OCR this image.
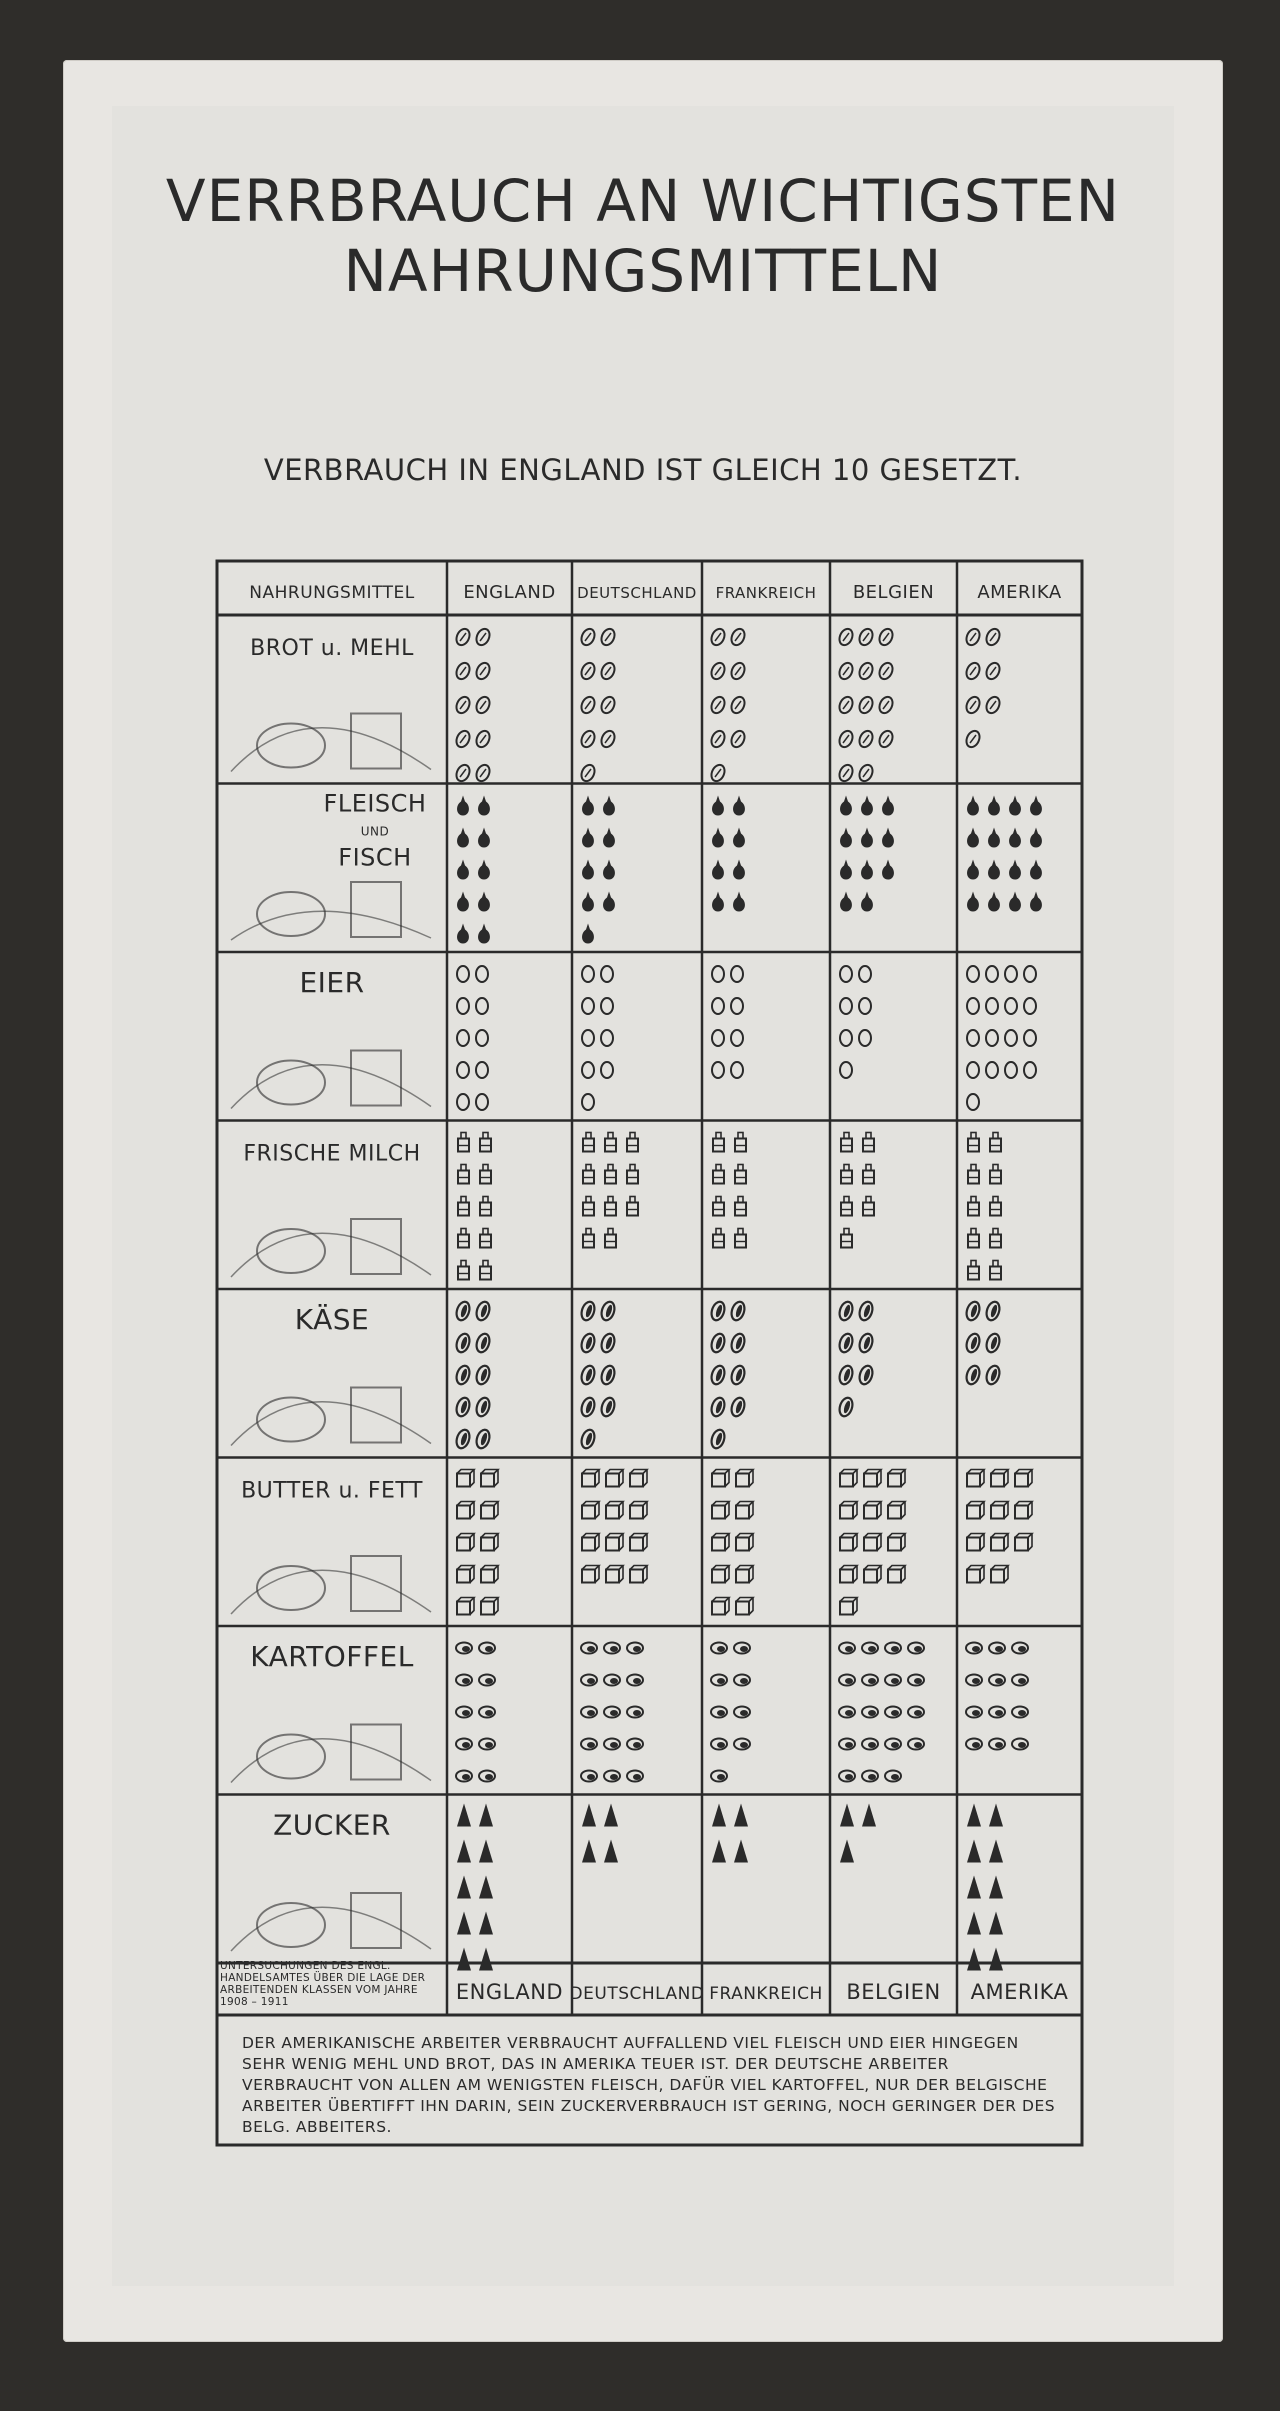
VERRBRAUCH AN WICHTIGSTEN
NAHRUNGSMITTELN
VERBRAUCH IN ENGLAND IST GLEICH 10 GESETZT.
NAHRUNGSMITTEL	ENGLAND DEUTSCHLAND FRANKREICH BELGIEN AMERIKA
ENGLAND DEUTSCHLAND FRANKREICH BELGIEN AMERIKA
BROT u. MEHL
FLEISCH
UND
FISCH
EIER
FRISCHE MILCH
KÄSE
BUTTER u. FETT
KARTOFFEL
ZUCKER
UNTERSUCHUNGEN DES ENGL. HANDELSAMTES ÜBER DIE LAGE DER ARBEITENDEN KLASSEN VOM JAHRE 1908 – 1911
DER AMERIKANISCHE ARBEITER VERBRAUCHT AUFFALLEND VIEL FLEISCH UND EIER HINGEGEN SEHR WENIG MEHL UND BROT, DAS IN AMERIKA TEUER IST. DER DEUTSCHE ARBEITER VERBRAUCHT VON ALLEN AM WENIGSTEN FLEISCH, DAFÜR VIEL KARTOFFEL, NUR DER BELGISCHE ARBEITER ÜBERTIFFT IHN DARIN, SEIN ZUCKERVERBRAUCH IST GERING, NOCH GERINGER DER DES BELG. ABBEITERS.
